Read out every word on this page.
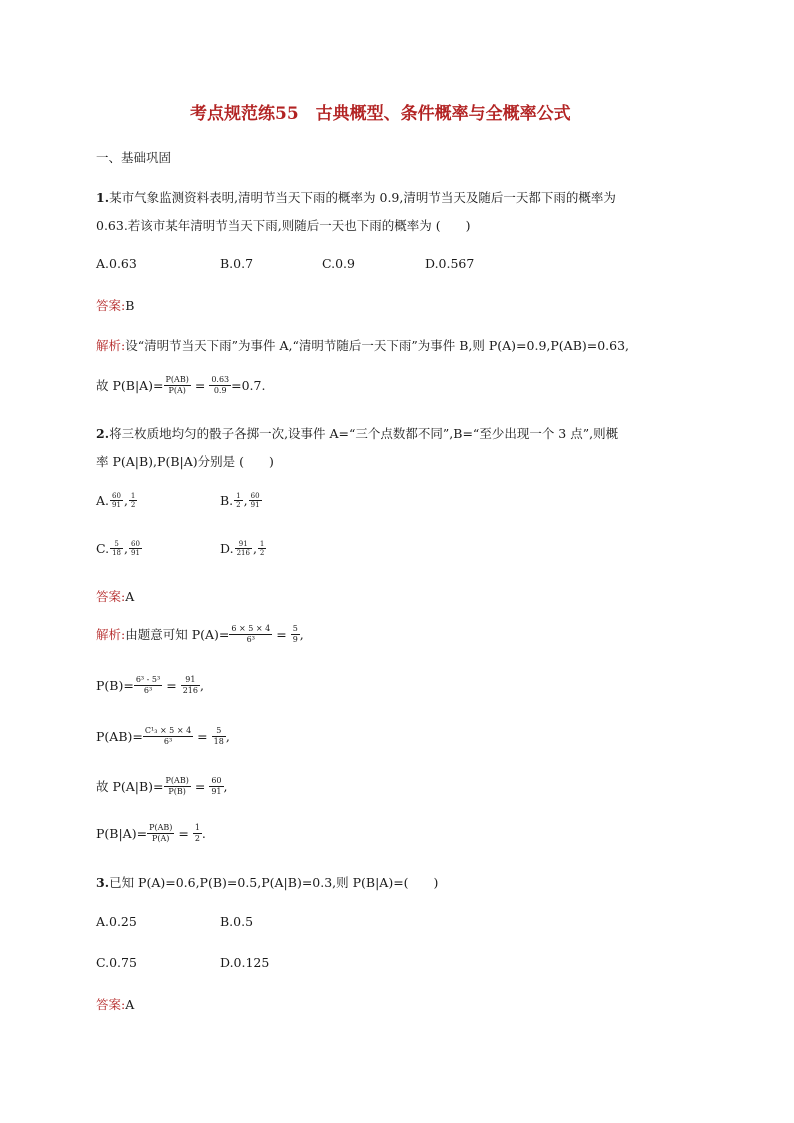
考点规范练55　古典概型、条件概率与全概率公式
一、基础巩固
1.某市气象监测资料表明,清明节当天下雨的概率为 0.9,清明节当天及随后一天都下雨的概率为
0.63.若该市某年清明节当天下雨,则随后一天也下雨的概率为 (　　)
A.0.63	B.0.7	C.0.9	D.0.567
答案:B
解析:设“清明节当天下雨”为事件 A,“清明节随后一天下雨”为事件 B,则 P(A)=0.9,P(AB)=0.63,
故 $P(B|A)= \frac{P(AB)}{P(A)} = \frac{0.63}{0.9} =0.7$.
2.将三枚质地均匀的骰子各掷一次,设事件 A=“三个点数都不同”,B=“至少出现一个 3 点”,则概
率 P(A|B),P(B|A)分别是 (　　)
A. $\frac{60}{91}$ , $\frac{1}{2}$	B. $\frac{1}{2}$ , $\frac{60}{91}$
C. $\frac{5}{18}$ , $\frac{60}{91}$	D. $\frac{91}{216}$ , $\frac{1}{2}$
答案:A
解析: 由题意可知 $P(A)= \frac{6 \times 5 \times 4}{\text{6³}} = \frac{5}{9}$ ,
$P(B)= \frac{\text{6³ - 5³}}{\text{6³}} = \frac{91}{216}$ ,
$P(AB)= \frac{\text{C¹₃ × 5 × 4}}{\text{6³}} = \frac{5}{18}$ ,
故 $P(A|B)= \frac{P(AB)}{P(B)} = \frac{60}{91}$ ,
$P(B|A)= \frac{P(AB)}{P(A)} = \frac{1}{2}$ .
3.已知 P(A)=0.6,P(B)=0.5,P(A|B)=0.3,则 P(B|A)=(　　)
A.0.25	B.0.5
C.0.75	D.0.125
答案:A
